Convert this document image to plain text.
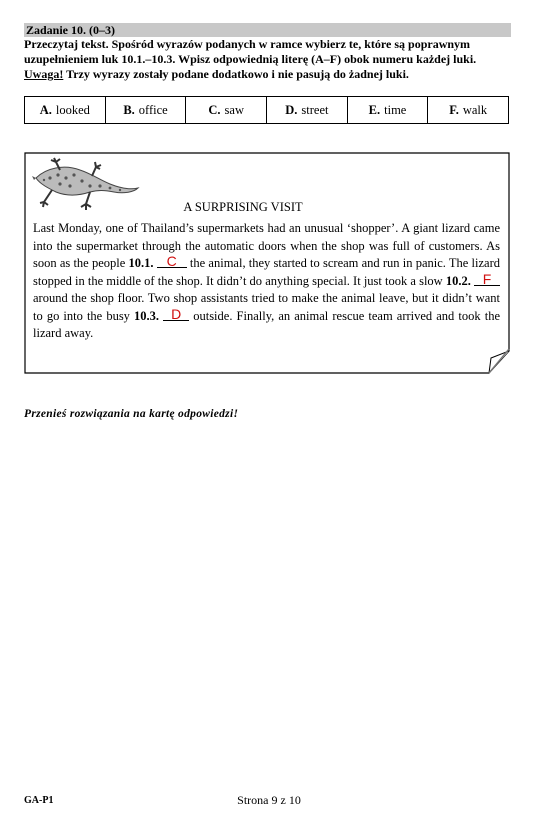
Zadanie 10. (0–3)
Przeczytaj tekst. Spośród wyrazów podanych w ramce wybierz te, które są poprawnym
uzupełnieniem luk 10.1.–10.3. Wpisz odpowiednią literę (A–F) obok numeru każdej luki.
Uwaga! Trzy wyrazy zostały podane dodatkowo i nie pasują do żadnej luki.
A. looked	B. office	C. saw	D. street	E. time	F. walk
A SURPRISING VISIT
Last Monday, one of Thailand’s supermarkets had an unusual ‘shopper’. A giant lizard came into the supermarket through the automatic doors when the shop was full of customers. As soon as the people 10.1. C the animal, they started to scream and run in panic. The lizard stopped in the middle of the shop. It didn’t do anything special. It just took a slow 10.2. F
around the shop floor. Two shop assistants tried to make the animal leave, but it didn’t want to go into the busy 10.3. D outside. Finally, an animal rescue team arrived and took the lizard away.
Przenieś rozwiązania na kartę odpowiedzi!
GA-P1	Strona 9 z 10
